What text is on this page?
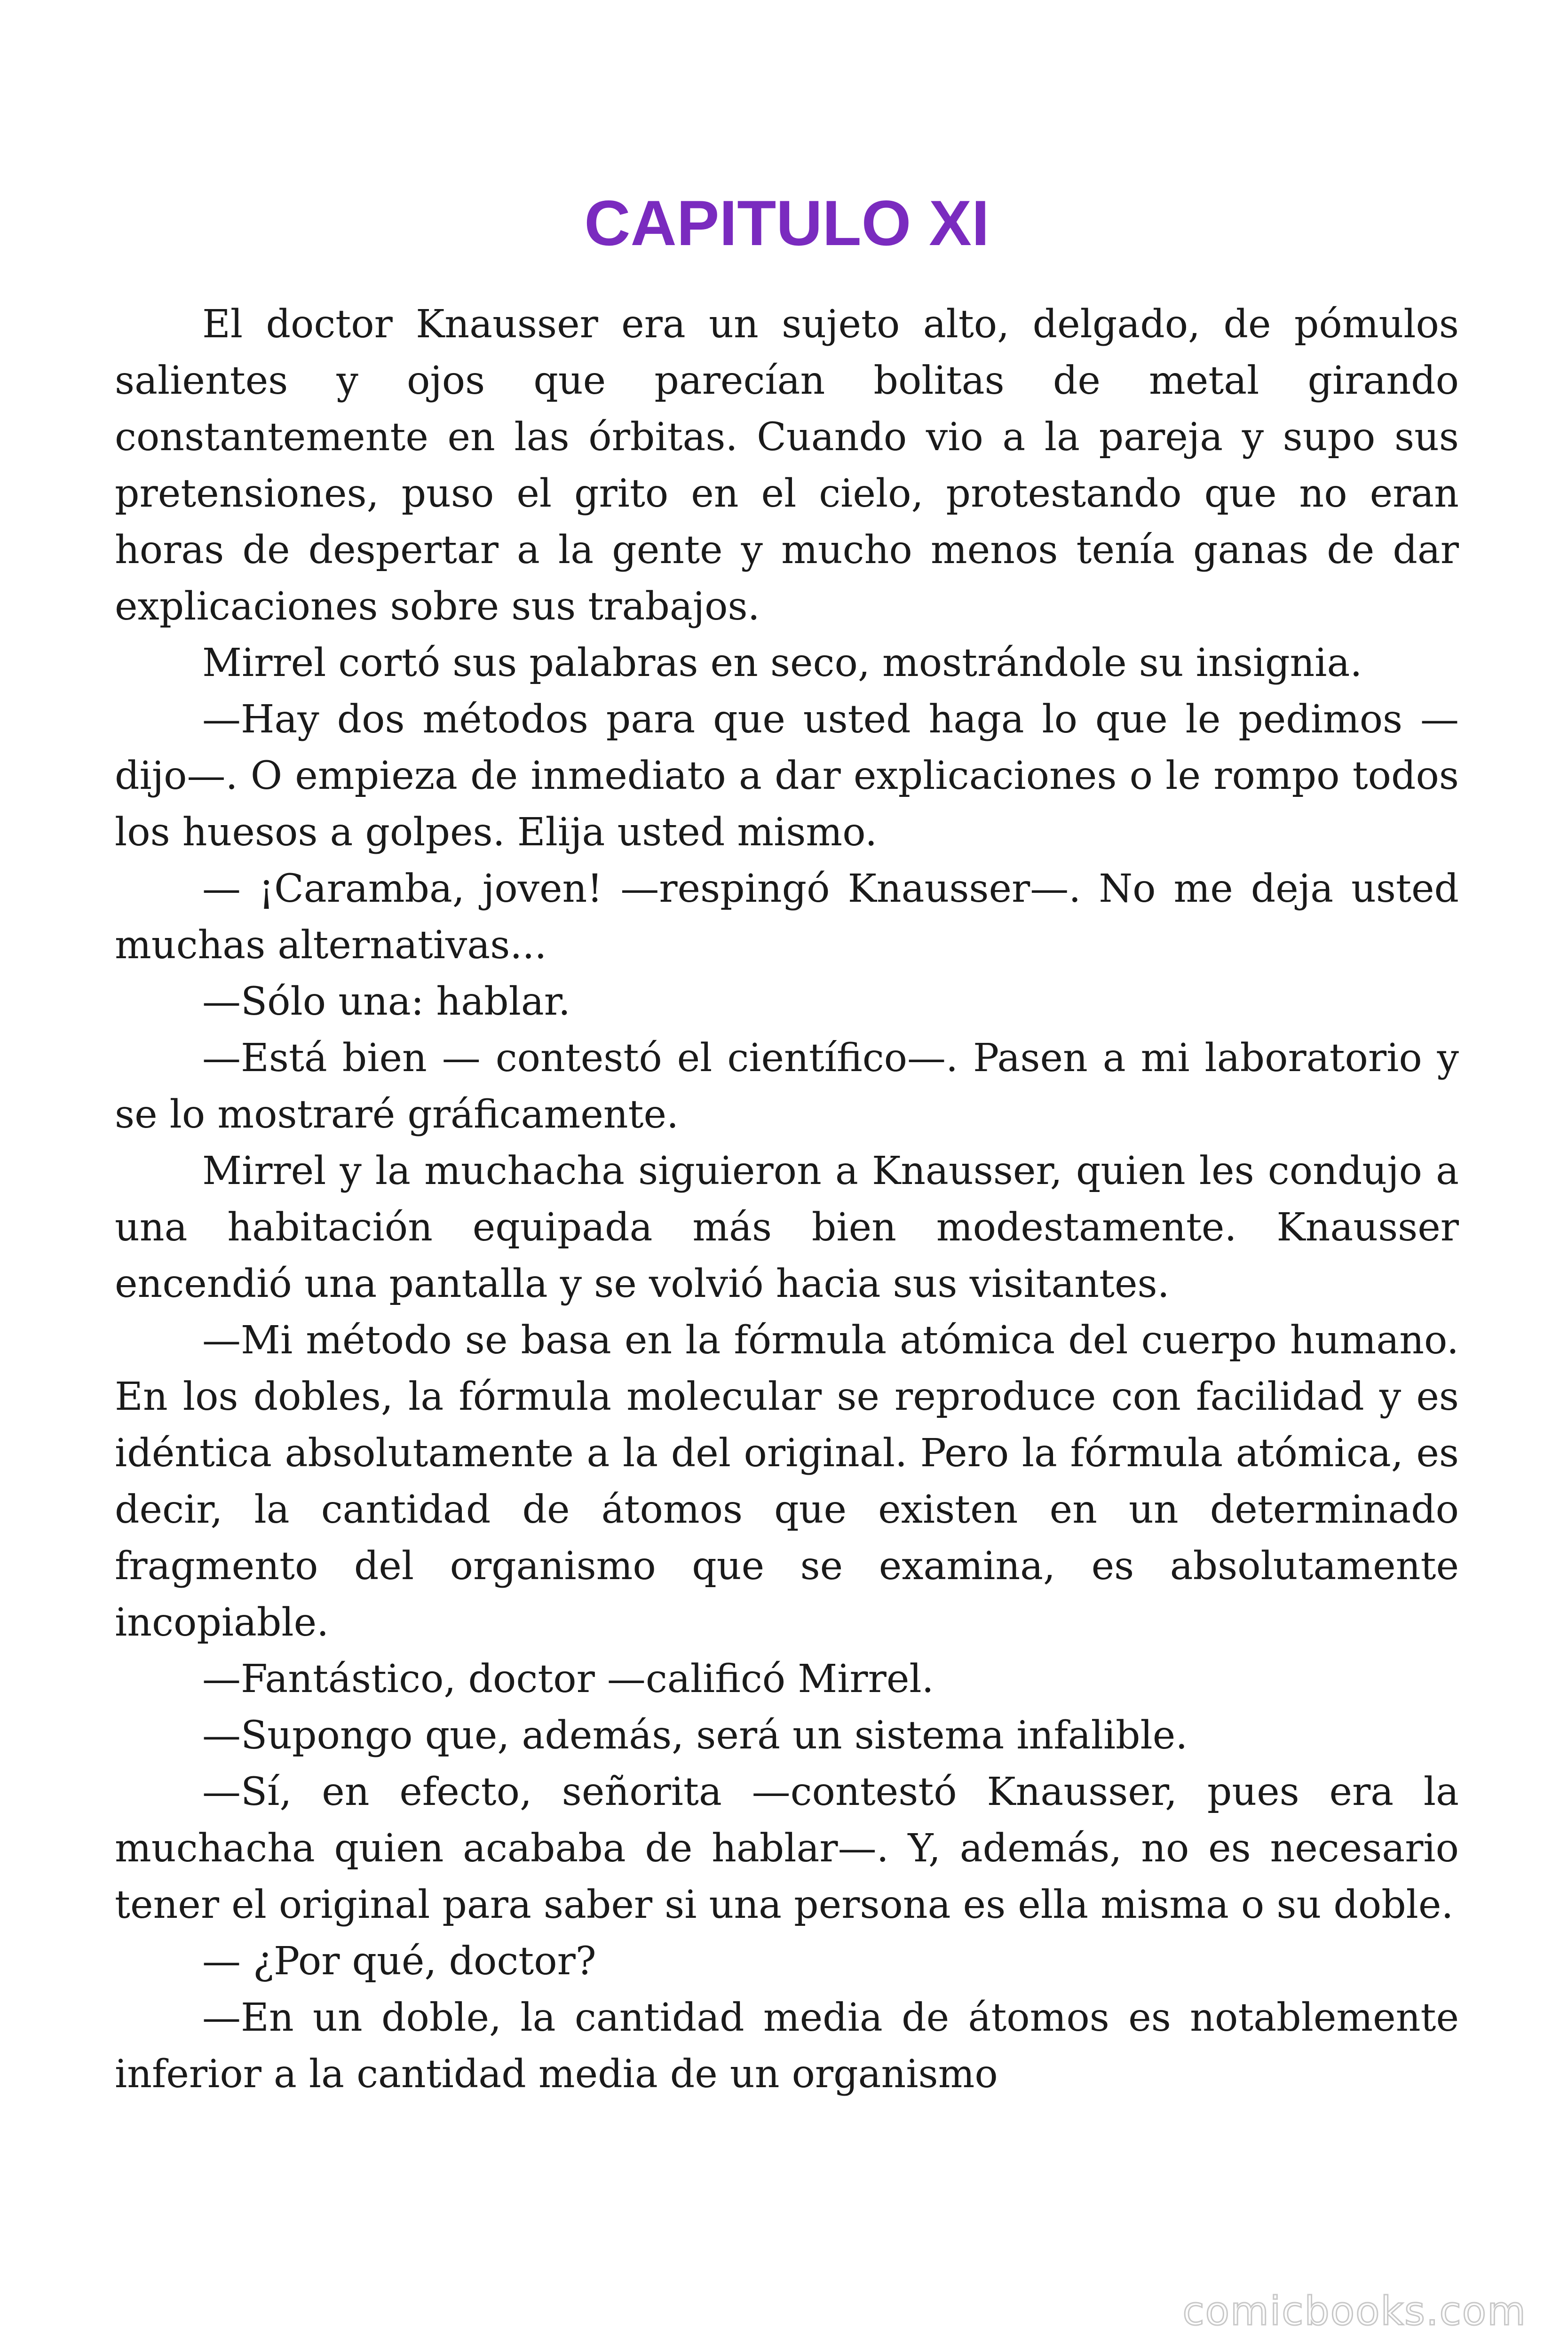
CAPITULO XI

El doctor Knausser era un sujeto alto, delgado, de pómulos salientes y ojos que parecían bolitas de metal girando constantemente en las órbitas. Cuando vio a la pareja y supo sus pretensiones, puso el grito en el cielo, protestando que no eran horas de despertar a la gente y mucho menos tenía ganas de dar explicaciones sobre sus trabajos.

Mirrel cortó sus palabras en seco, mostrándole su insignia.

—Hay dos métodos para que usted haga lo que le pedimos —dijo—. O empieza de inmediato a dar explicaciones o le rompo todos los huesos a golpes. Elija usted mismo.

— ¡Caramba, joven! —respingó Knausser—. No me deja usted muchas alternativas...

—Sólo una: hablar.

—Está bien — contestó el científico—. Pasen a mi laboratorio y se lo mostraré gráficamente.

Mirrel y la muchacha siguieron a Knausser, quien les condujo a una habitación equipada más bien modestamente. Knausser encendió una pantalla y se volvió hacia sus visitantes.

—Mi método se basa en la fórmula atómica del cuerpo humano. En los dobles, la fórmula molecular se reproduce con facilidad y es idéntica absolutamente a la del original. Pero la fórmula atómica, es decir, la cantidad de átomos que existen en un determinado fragmento del organismo que se examina, es absolutamente incopiable.

—Fantástico, doctor —calificó Mirrel.

—Supongo que, además, será un sistema infalible.

—Sí, en efecto, señorita —contestó Knausser, pues era la muchacha quien acababa de hablar—. Y, además, no es necesario tener el original para saber si una persona es ella misma o su doble.

— ¿Por qué, doctor?

—En un doble, la cantidad media de átomos es notablemente inferior a la cantidad media de un organismo

comicbooks.com
